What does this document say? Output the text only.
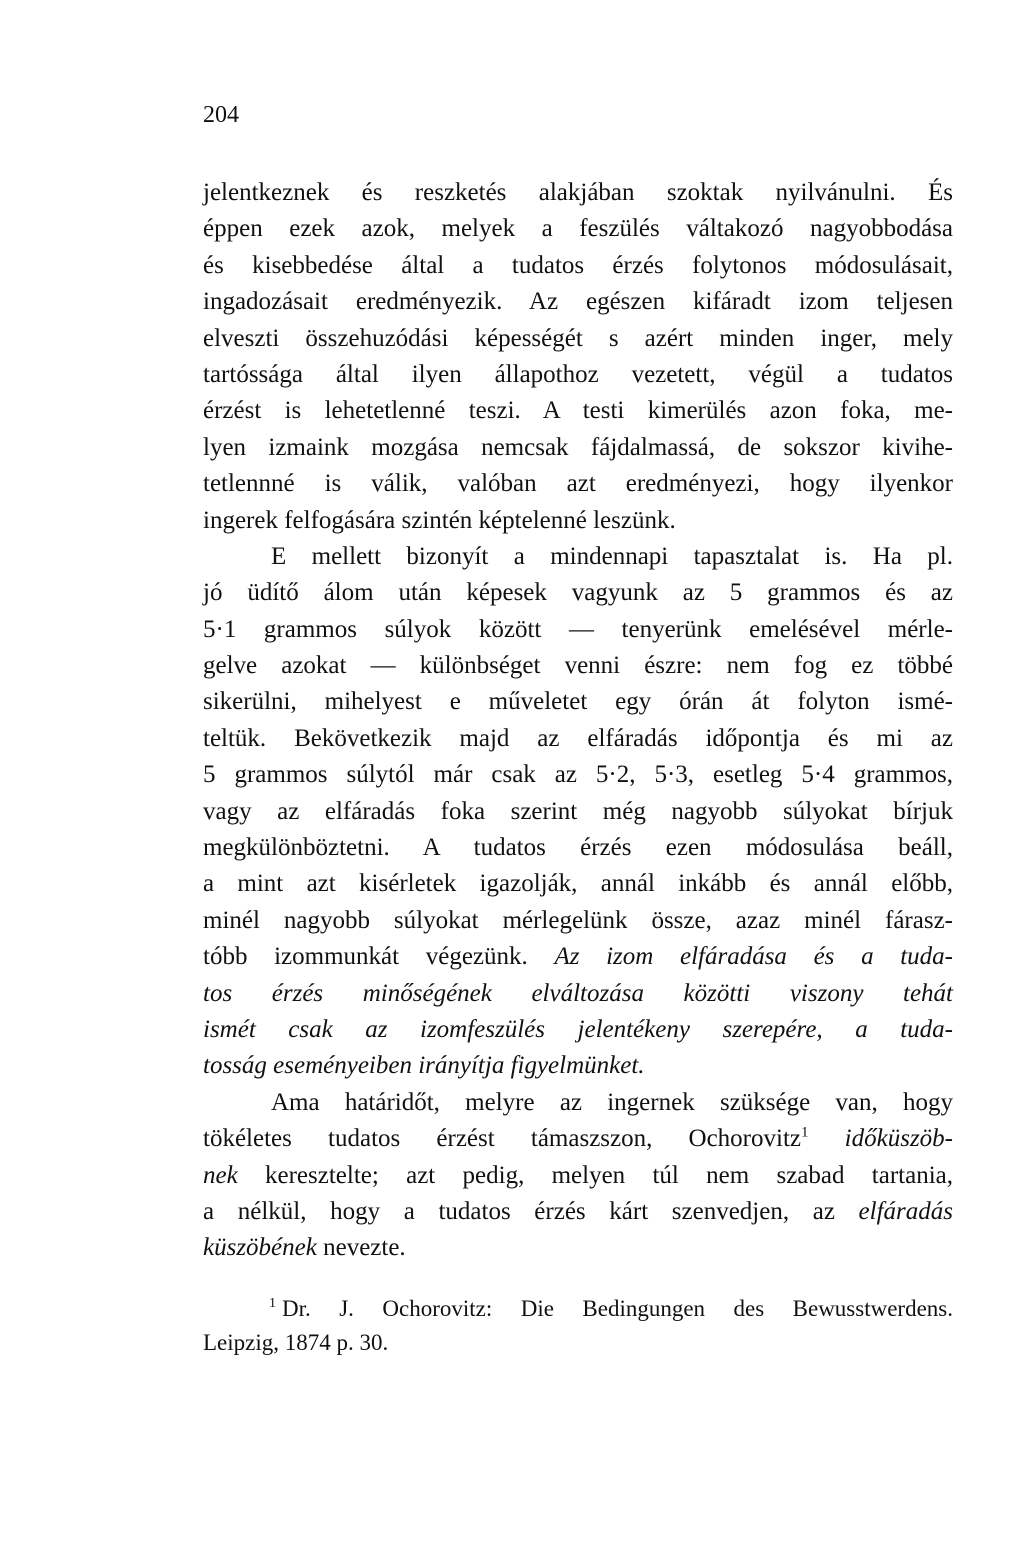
204
jelentkeznek és reszketés alakjában szoktak nyilvánulni. És
éppen ezek azok, melyek a feszülés váltakozó nagyobbodása
és kisebbedése által a tudatos érzés folytonos módosulásait,
ingadozásait eredményezik. Az egészen kifáradt izom teljesen
elveszti összehuzódási képességét s azért minden inger, mely
tartóssága által ilyen állapothoz vezetett, végül a tudatos
érzést is lehetetlenné teszi. A testi kimerülés azon foka, me-
lyen izmaink mozgása nemcsak fájdalmassá, de sokszor kivihe-
tetlennné is válik, valóban azt eredményezi, hogy ilyenkor
ingerek felfogására szintén képtelenné leszünk.
E mellett bizonyít a mindennapi tapasztalat is. Ha pl.
jó üdítő álom után képesek vagyunk az 5 grammos és az
5·1 grammos súlyok között — tenyerünk emelésével mérle-
gelve azokat — különbséget venni észre: nem fog ez többé
sikerülni, mihelyest e műveletet egy órán át folyton ismé-
teltük. Bekövetkezik majd az elfáradás időpontja és mi az
5 grammos súlytól már csak az 5·2, 5·3, esetleg 5·4 grammos,
vagy az elfáradás foka szerint még nagyobb súlyokat bírjuk
megkülönböztetni. A tudatos érzés ezen módosulása beáll,
a mint azt kisérletek igazolják, annál inkább és annál előbb,
minél nagyobb súlyokat mérlegelünk össze, azaz minél fárasz-
tóbb izommunkát végezünk. Az izom elfáradása és a tuda-
tos érzés minőségének elváltozása közötti viszony tehát
ismét csak az izomfeszülés jelentékeny szerepére, a tuda-
tosság eseményeiben irányítja figyelmünket.
Ama határidőt, melyre az ingernek szüksége van, hogy
tökéletes tudatos érzést támaszszon, Ochorovitz$^1$ időküszöb-
nek keresztelte; azt pedig, melyen túl nem szabad tartania,
a nélkül, hogy a tudatos érzés kárt szenvedjen, az elfáradás
küszöbének nevezte.
$^1$ Dr. J. Ochorovitz: Die Bedingungen des Bewusstwerdens.
Leipzig, 1874 p. 30.
